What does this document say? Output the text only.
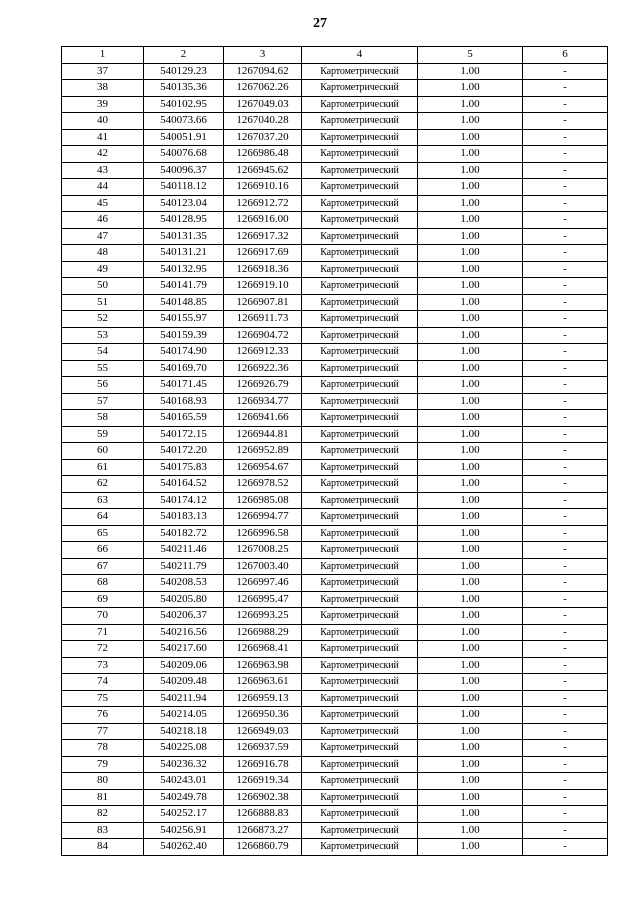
27
1	2	3	4	5	6
37	540129.23	1267094.62	Картометрический	1.00	-
38	540135.36	1267062.26	Картометрический	1.00	-
39	540102.95	1267049.03	Картометрический	1.00	-
40	540073.66	1267040.28	Картометрический	1.00	-
41	540051.91	1267037.20	Картометрический	1.00	-
42	540076.68	1266986.48	Картометрический	1.00	-
43	540096.37	1266945.62	Картометрический	1.00	-
44	540118.12	1266910.16	Картометрический	1.00	-
45	540123.04	1266912.72	Картометрический	1.00	-
46	540128.95	1266916.00	Картометрический	1.00	-
47	540131.35	1266917.32	Картометрический	1.00	-
48	540131.21	1266917.69	Картометрический	1.00	-
49	540132.95	1266918.36	Картометрический	1.00	-
50	540141.79	1266919.10	Картометрический	1.00	-
51	540148.85	1266907.81	Картометрический	1.00	-
52	540155.97	1266911.73	Картометрический	1.00	-
53	540159.39	1266904.72	Картометрический	1.00	-
54	540174.90	1266912.33	Картометрический	1.00	-
55	540169.70	1266922.36	Картометрический	1.00	-
56	540171.45	1266926.79	Картометрический	1.00	-
57	540168.93	1266934.77	Картометрический	1.00	-
58	540165.59	1266941.66	Картометрический	1.00	-
59	540172.15	1266944.81	Картометрический	1.00	-
60	540172.20	1266952.89	Картометрический	1.00	-
61	540175.83	1266954.67	Картометрический	1.00	-
62	540164.52	1266978.52	Картометрический	1.00	-
63	540174.12	1266985.08	Картометрический	1.00	-
64	540183.13	1266994.77	Картометрический	1.00	-
65	540182.72	1266996.58	Картометрический	1.00	-
66	540211.46	1267008.25	Картометрический	1.00	-
67	540211.79	1267003.40	Картометрический	1.00	-
68	540208.53	1266997.46	Картометрический	1.00	-
69	540205.80	1266995.47	Картометрический	1.00	-
70	540206.37	1266993.25	Картометрический	1.00	-
71	540216.56	1266988.29	Картометрический	1.00	-
72	540217.60	1266968.41	Картометрический	1.00	-
73	540209.06	1266963.98	Картометрический	1.00	-
74	540209.48	1266963.61	Картометрический	1.00	-
75	540211.94	1266959.13	Картометрический	1.00	-
76	540214.05	1266950.36	Картометрический	1.00	-
77	540218.18	1266949.03	Картометрический	1.00	-
78	540225.08	1266937.59	Картометрический	1.00	-
79	540236.32	1266916.78	Картометрический	1.00	-
80	540243.01	1266919.34	Картометрический	1.00	-
81	540249.78	1266902.38	Картометрический	1.00	-
82	540252.17	1266888.83	Картометрический	1.00	-
83	540256.91	1266873.27	Картометрический	1.00	-
84	540262.40	1266860.79	Картометрический	1.00	-
